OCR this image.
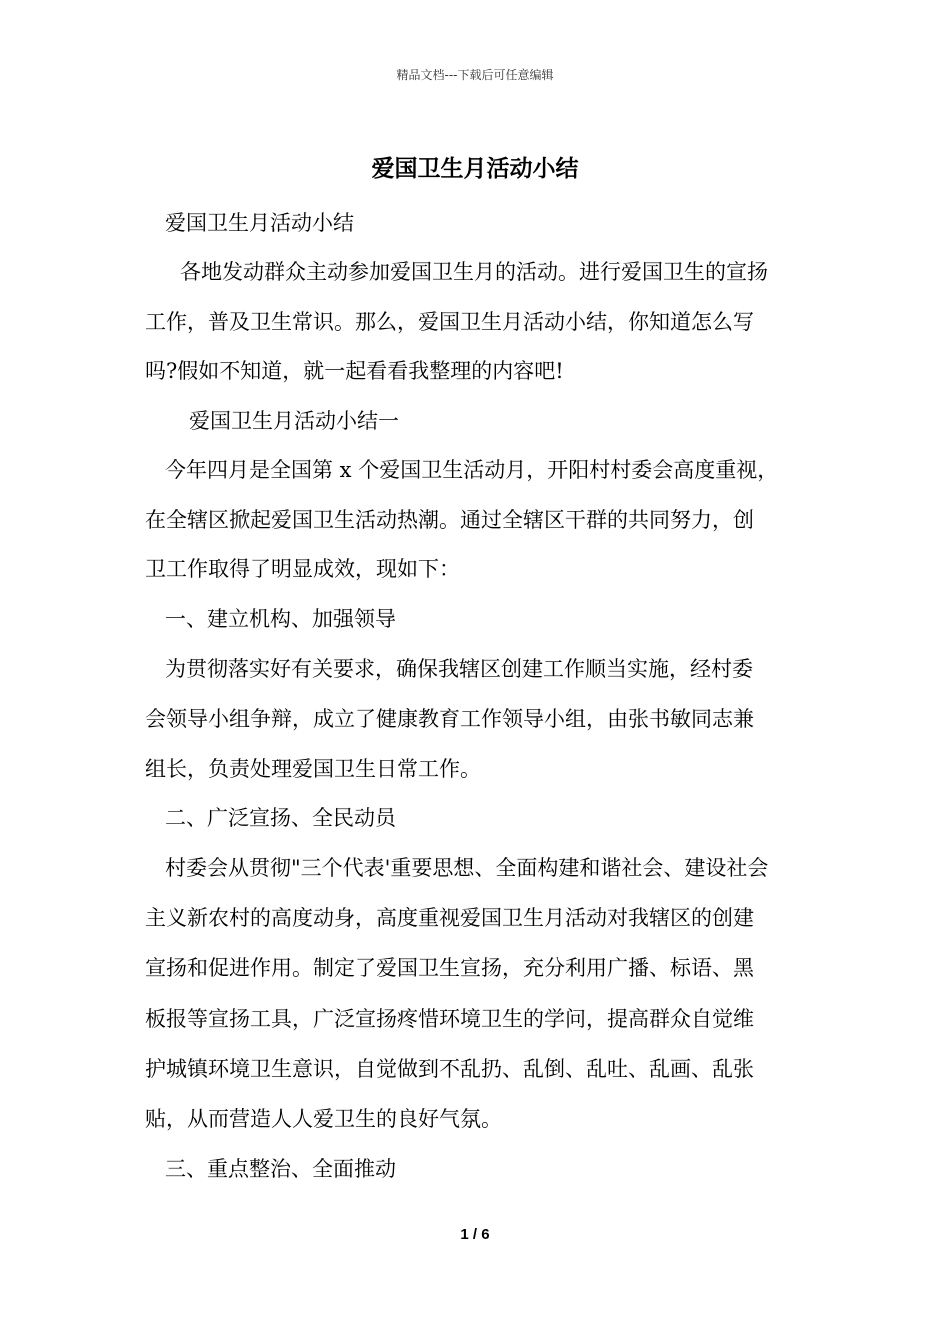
精品文档---下载后可任意编辑
爱国卫生月活动小结
爱国卫生月活动小结
各地发动群众主动参加爱国卫生月的活动。进行爱国卫生的宣扬
工作，普及卫生常识。那么，爱国卫生月活动小结，你知道怎么写
吗?假如不知道，就一起看看我整理的内容吧!
爱国卫生月活动小结一
今年四月是全国第 x 个爱国卫生活动月，开阳村村委会高度重视，
在全辖区掀起爱国卫生活动热潮。通过全辖区干群的共同努力，创
卫工作取得了明显成效，现如下：
一、建立机构、加强领导
为贯彻落实好有关要求，确保我辖区创建工作顺当实施，经村委
会领导小组争辩，成立了健康教育工作领导小组，由张书敏同志兼
组长，负责处理爱国卫生日常工作。
二、广泛宣扬、全民动员
村委会从贯彻"三个代表'重要思想、全面构建和谐社会、建设社会
主义新农村的高度动身，高度重视爱国卫生月活动对我辖区的创建
宣扬和促进作用。制定了爱国卫生宣扬，充分利用广播、标语、黑
板报等宣扬工具，广泛宣扬疼惜环境卫生的学问，提高群众自觉维
护城镇环境卫生意识，自觉做到不乱扔、乱倒、乱吐、乱画、乱张
贴，从而营造人人爱卫生的良好气氛。
三、重点整治、全面推动
1 / 6
